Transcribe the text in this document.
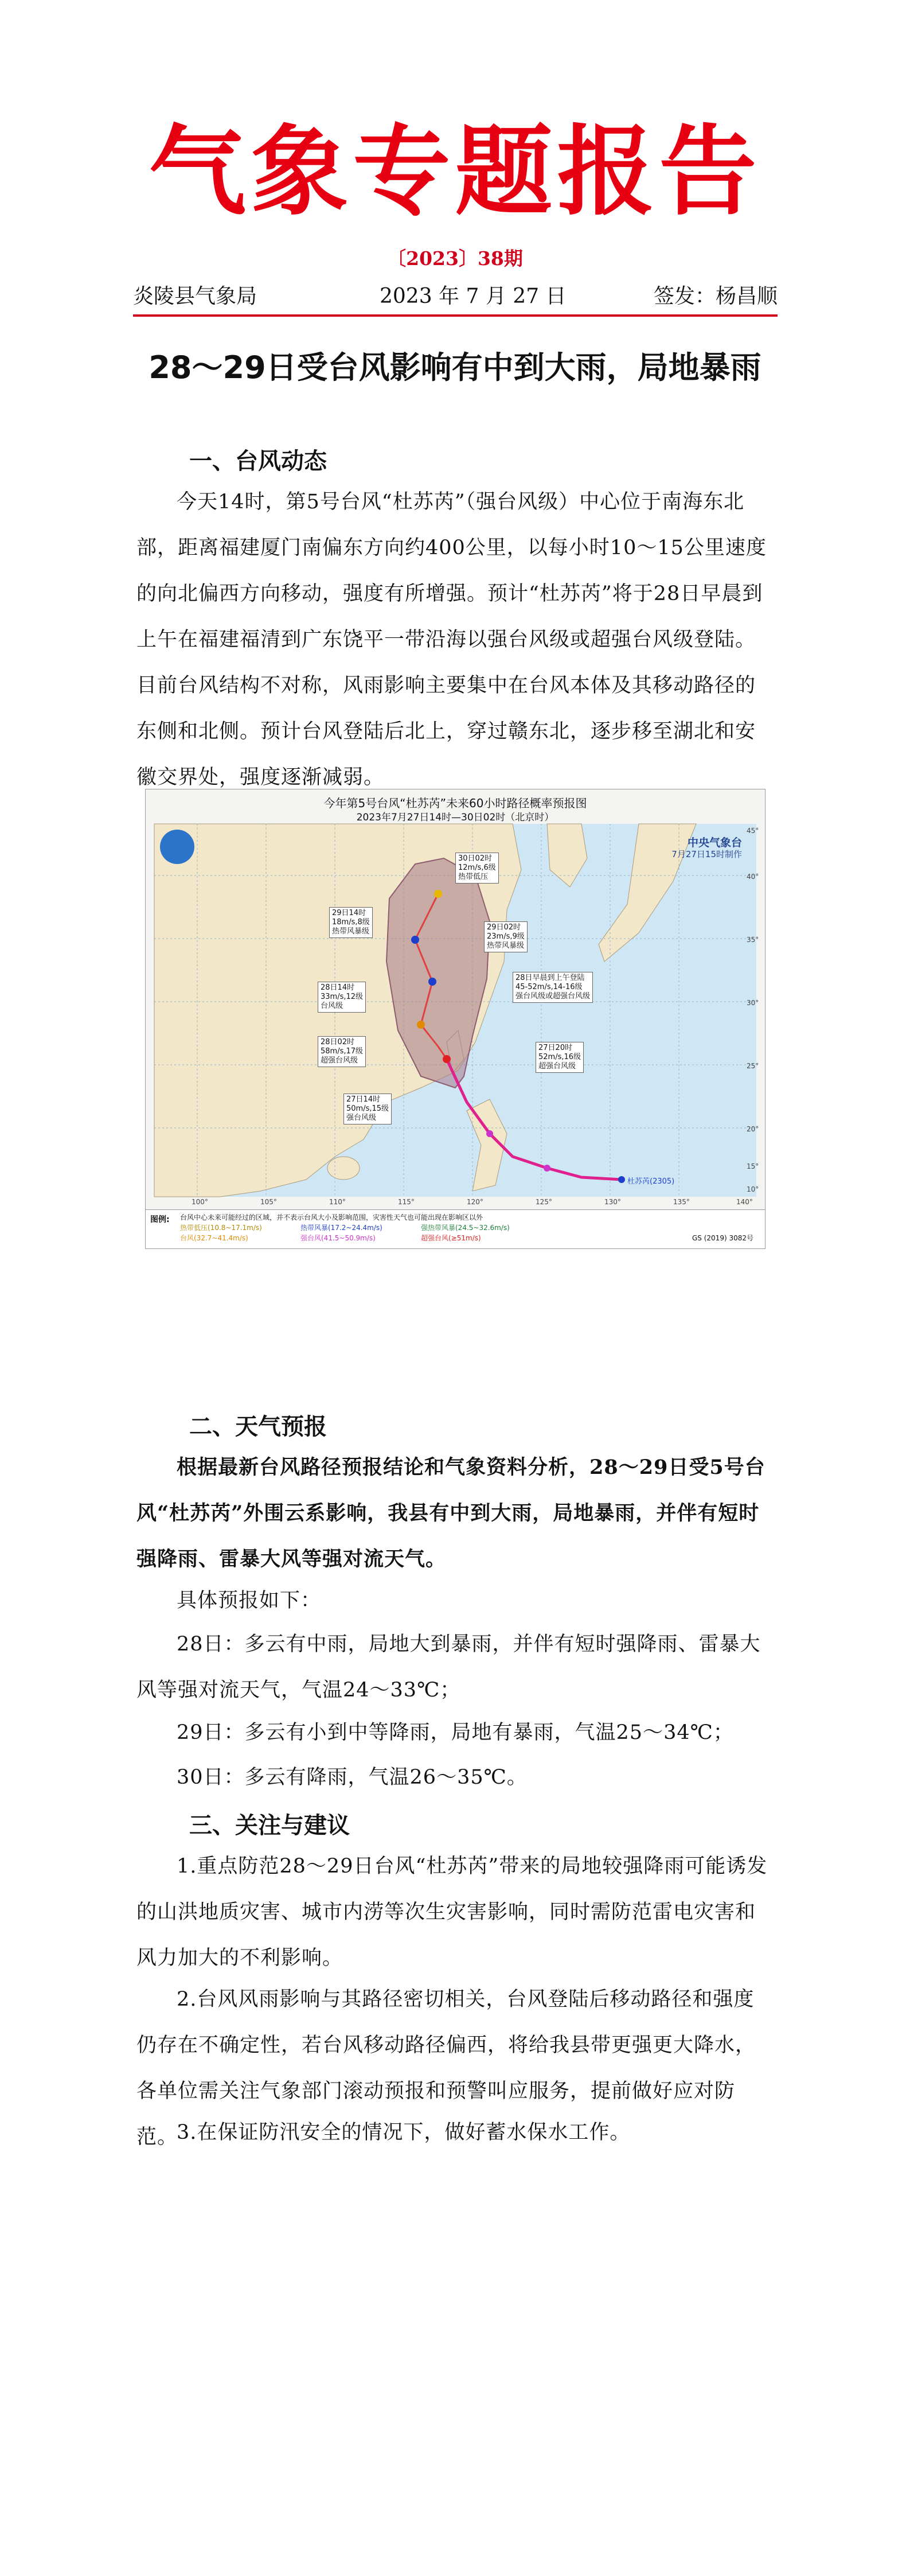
气象专题报告
〔2023〕38期
炎陵县气象局	2023 年 7 月 27 日	签发：杨昌顺
28～29日受台风影响有中到大雨，局地暴雨
一、台风动态

今天14时，第5号台风“杜苏芮”（强台风级）中心位于南海东北部，距离福建厦门南偏东方向约400公里，以每小时10～15公里速度的向北偏西方向移动，强度有所增强。预计“杜苏芮”将于28日早晨到上午在福建福清到广东饶平一带沿海以强台风级或超强台风级登陆。目前台风结构不对称，风雨影响主要集中在台风本体及其移动路径的东侧和北侧。预计台风登陆后北上，穿过赣东北，逐步移至湖北和安徽交界处，强度逐渐减弱。

今年第5号台风“杜苏芮”未来60小时路径概率预报图
2023年7月27日14时—30日02时（北京时）
中央气象台
7月27日15时制作
30日02时
12m/s,6级
热带低压
29日14时
18m/s,8级
热带风暴级	29日02时
23m/s,9级
热带风暴级
28日14时
33m/s,12级
台风级
28日早晨到上午登陆
45-52m/s,14-16级
强台风级或超强台风级
28日02时
58m/s,17级
超强台风级
27日20时
52m/s,16级
超强台风级
27日14时
50m/s,15级
强台风级
杜苏芮(2305)
100°	105°	110°	115°	120°	125°	130°	135°	140°
45°
40°
35°
30°
25°
20°
15°
10°
图例: 台风中心未来可能经过的区域，并不表示台风大小及影响范围，灾害性天气也可能出现在影响区以外
热带低压(10.8~17.1m/s)	热带风暴(17.2~24.4m/s)	强热带风暴(24.5~32.6m/s)
台风(32.7~41.4m/s)	强台风(41.5~50.9m/s)	超强台风(≥51m/s)	GS (2019) 3082号
二、天气预报

根据最新台风路径预报结论和气象资料分析，28～29日受5号台风“杜苏芮”外围云系影响，我县有中到大雨，局地暴雨，并伴有短时强降雨、雷暴大风等强对流天气。

具体预报如下：

28日：多云有中雨，局地大到暴雨，并伴有短时强降雨、雷暴大风等强对流天气，气温24～33℃；

29日：多云有小到中等降雨，局地有暴雨，气温25～34℃；

30日：多云有降雨，气温26～35℃。

三、关注与建议

1.重点防范28～29日台风“杜苏芮”带来的局地较强降雨可能诱发的山洪地质灾害、城市内涝等次生灾害影响，同时需防范雷电灾害和风力加大的不利影响。

2.台风风雨影响与其路径密切相关，台风登陆后移动路径和强度仍存在不确定性，若台风移动路径偏西，将给我县带更强更大降水，各单位需关注气象部门滚动预报和预警叫应服务，提前做好应对防范。

3.在保证防汛安全的情况下，做好蓄水保水工作。
